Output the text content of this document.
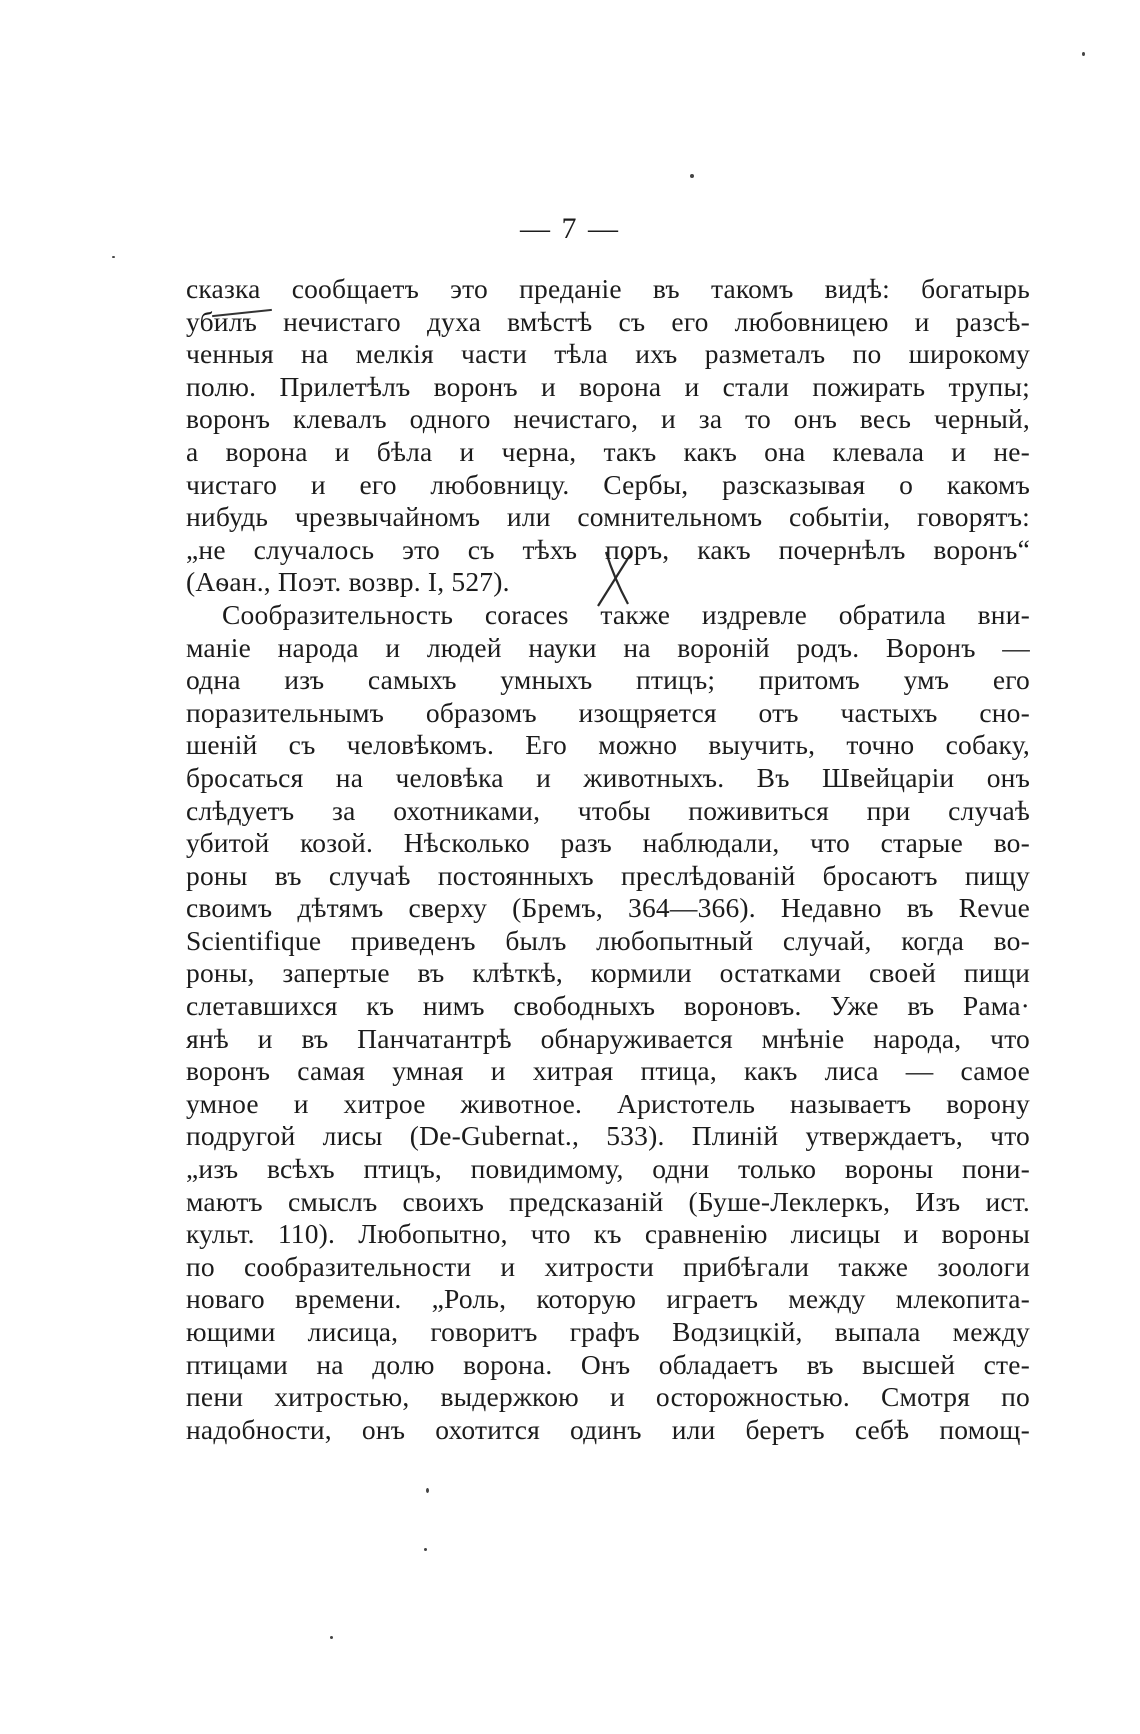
— 7 —
сказка сообщаетъ это преданіе въ такомъ видѣ: богатырь
убилъ нечистаго духа вмѣстѣ съ его любовницею и разсѣ-
ченныя на мелкія части тѣла ихъ разметалъ по широкому
полю. Прилетѣлъ воронъ и ворона и стали пожирать трупы;
воронъ клевалъ одного нечистаго, и за то онъ весь черный,
а ворона и бѣла и черна, такъ какъ она клевала и не-
чистаго и его любовницу. Сербы, разсказывая о какомъ
нибудь чрезвычайномъ или сомнительномъ событіи, говорятъ:
„не случалось это съ тѣхъ поръ, какъ почернѣлъ воронъ“
(Аѳан., Поэт. возвр. I, 527).
Сообразительность coraces также издревле обратила вни-
маніе народа и людей науки на вороній родъ. Воронъ —
одна изъ самыхъ умныхъ птицъ; притомъ умъ его
поразительнымъ образомъ изощряется отъ частыхъ сно-
шеній съ человѣкомъ. Его можно выучить, точно собаку,
бросаться на человѣка и животныхъ. Въ Швейцаріи онъ
слѣдуетъ за охотниками, чтобы поживиться при случаѣ
убитой козой. Нѣсколько разъ наблюдали, что старые во-
роны въ случаѣ постоянныхъ преслѣдованій бросаютъ пищу
своимъ дѣтямъ сверху (Бремъ, 364—366). Недавно въ Revue
Scientifique приведенъ былъ любопытный случай, когда во-
роны, запертые въ клѣткѣ, кормили остатками своей пищи
слетавшихся къ нимъ свободныхъ вороновъ. Уже въ Рама·
янѣ и въ Панчатантрѣ обнаруживается мнѣніе народа, что
воронъ самая умная и хитрая птица, какъ лиса — самое
умное и хитрое животное. Аристотель называетъ ворону
подругой лисы (De-Gubernat., 533). Плиній утверждаетъ, что
„изъ всѣхъ птицъ, повидимому, одни только вороны пони-
маютъ смыслъ своихъ предсказаній (Буше-Леклеркъ, Изъ ист.
культ. 110). Любопытно, что къ сравненію лисицы и вороны
по сообразительности и хитрости прибѣгали также зоологи
новаго времени. „Роль, которую играетъ между млекопита-
ющими лисица, говоритъ графъ Водзицкій, выпала между
птицами на долю ворона. Онъ обладаетъ въ высшей сте-
пени хитростью, выдержкою и осторожностью. Смотря по
надобности, онъ охотится одинъ или беретъ себѣ помощ-
